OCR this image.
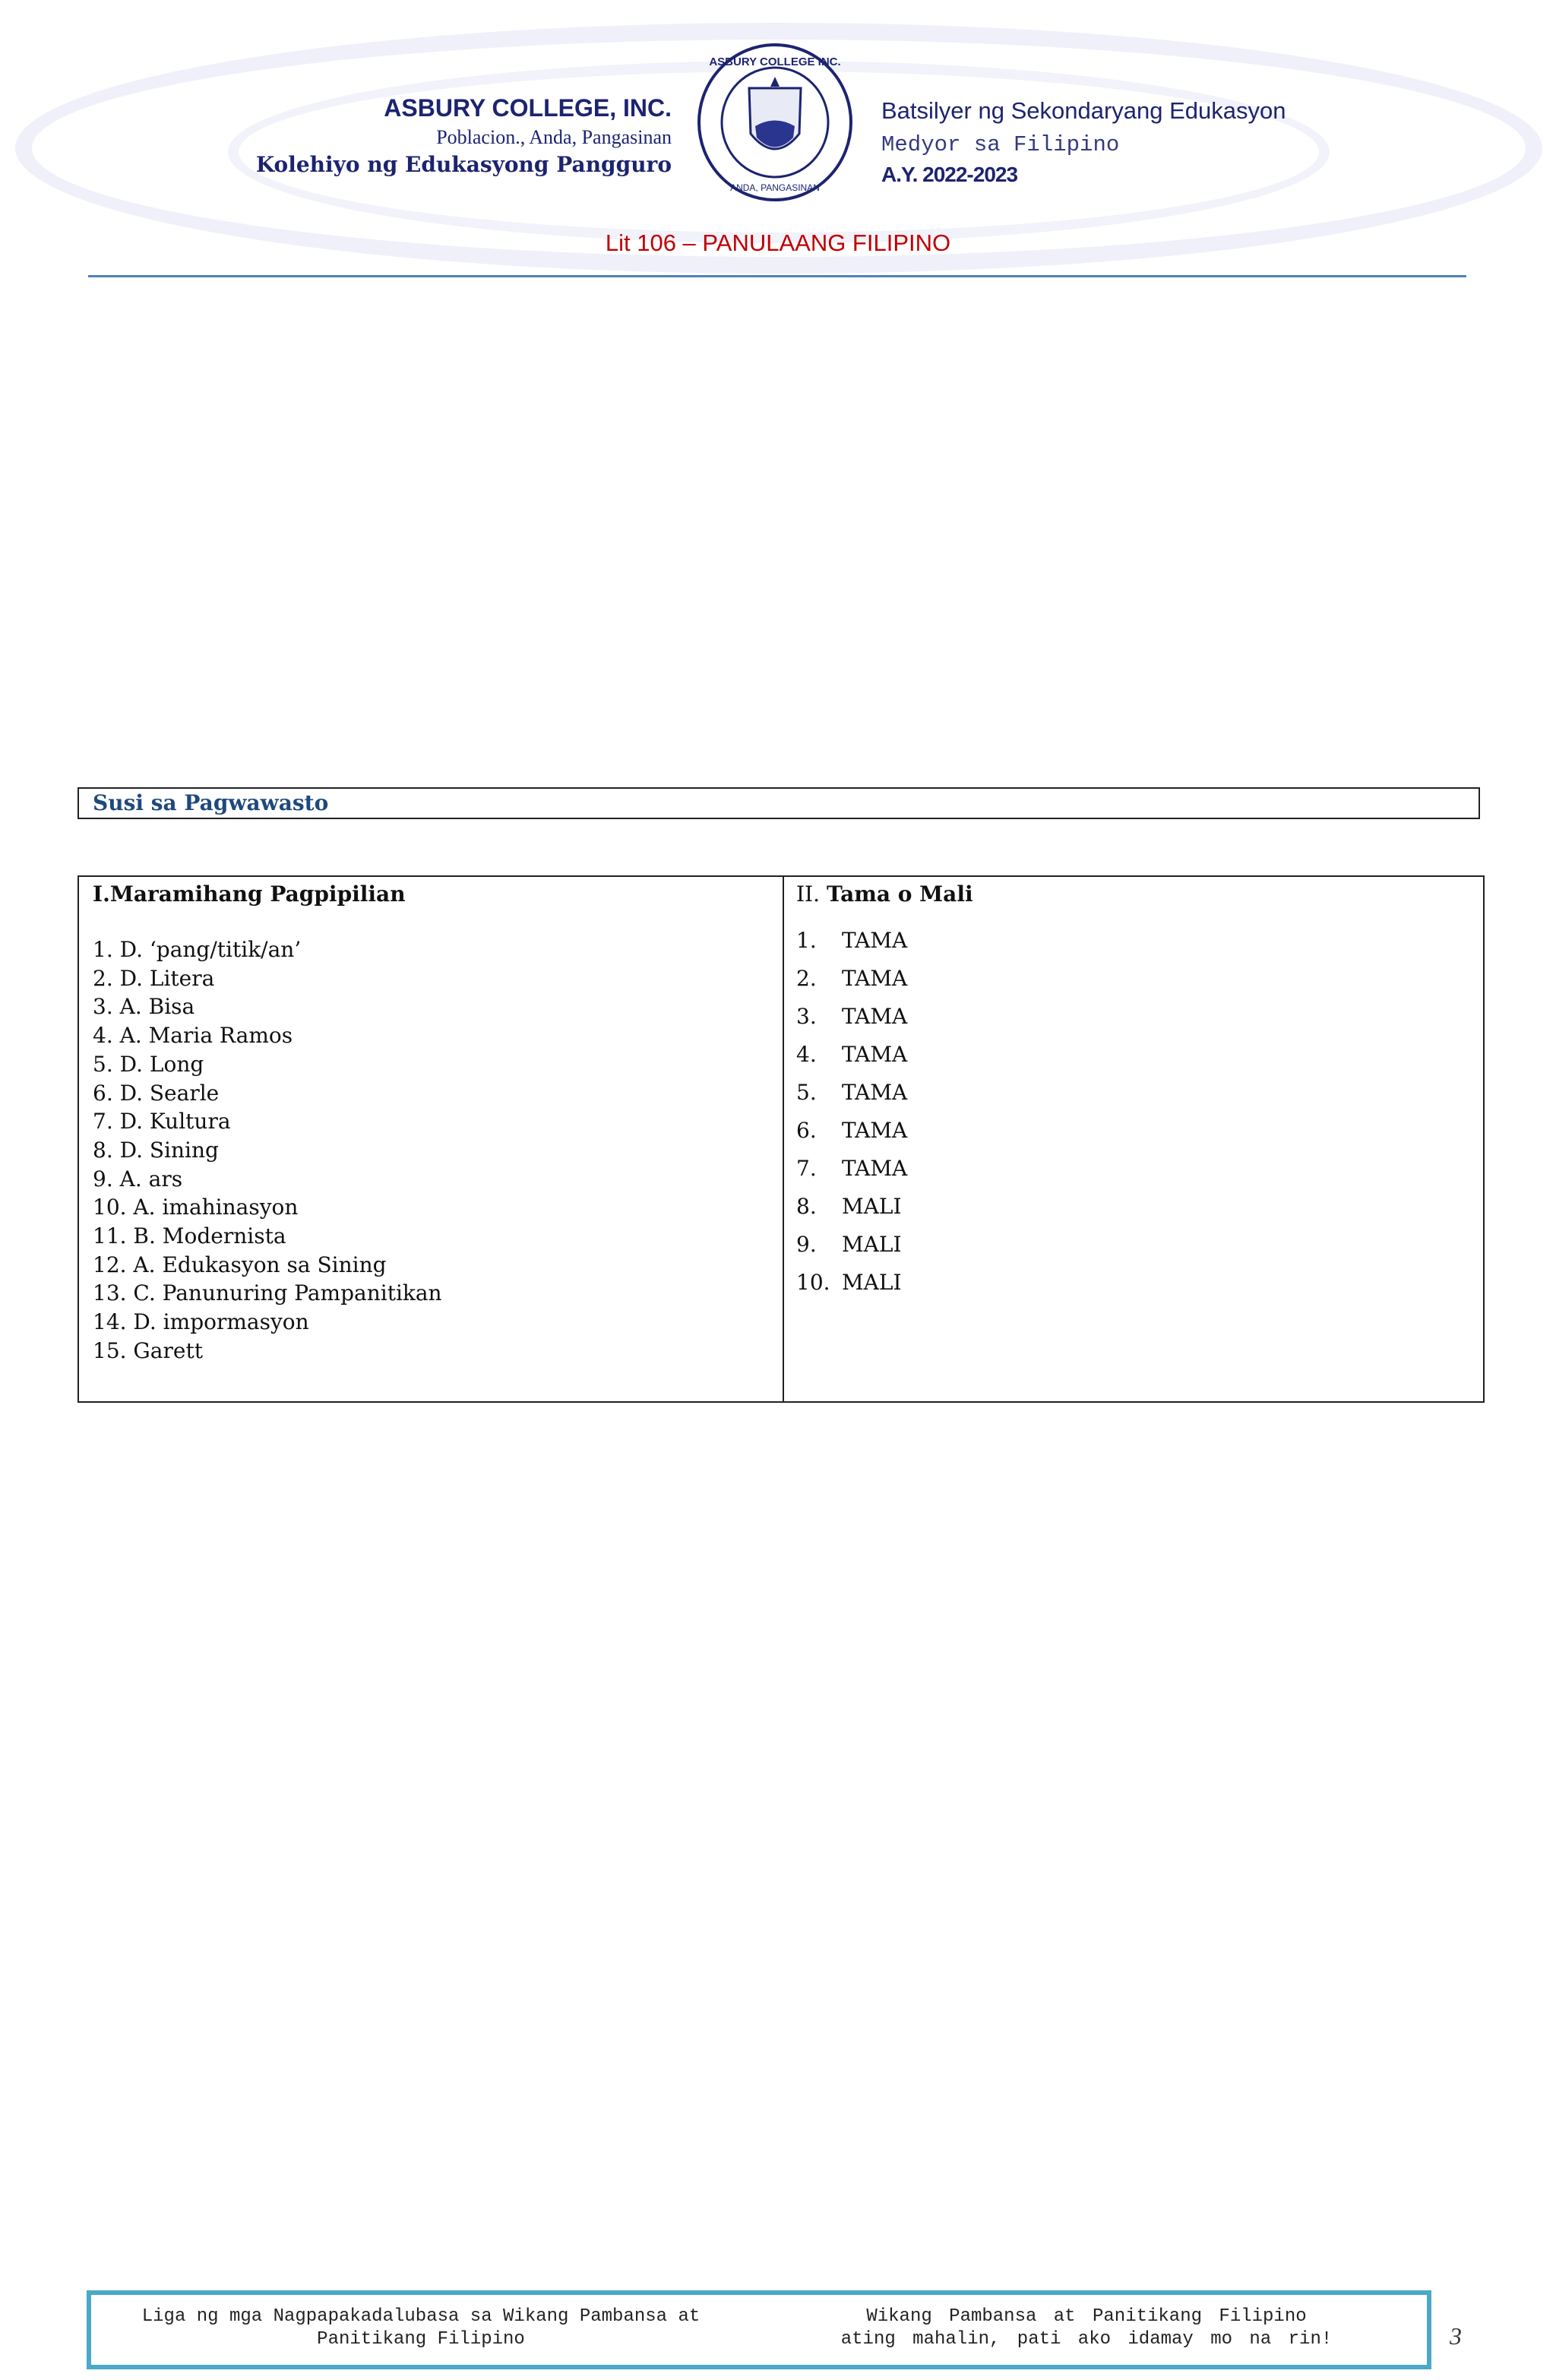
ASBURY COLLEGE, INC.
Poblacion., Anda, Pangasinan
Kolehiyo ng Edukasyong Pangguro
ASBURY COLLEGE INC.
ANDA, PANGASINAN
Batsilyer ng Sekondaryang Edukasyon
Medyor sa Filipino
A.Y. 2022-2023
Lit 106 – PANULAANG FILIPINO
Susi sa Pagwawasto
I.Maramihang Pagpipilian
1. D. ‘pang/titik/an’
2. D. Litera
3. A. Bisa
4. A. Maria Ramos
5. D. Long
6. D. Searle
7. D. Kultura
8. D. Sining
9. A. ars
10. A. imahinasyon
11. B. Modernista
12. A. Edukasyon sa Sining
13. C. Panunuring Pampanitikan
14. D. impormasyon
15. Garett
II. Tama o Mali
1. TAMA
2. TAMA
3. TAMA
4. TAMA
5. TAMA
6. TAMA
7. TAMA
8. MALI
9. MALI
10. MALI
Liga ng mga Nagpapakadalubasa sa Wikang Pambansa at
Panitikang Filipino
Wikang Pambansa at Panitikang Filipino
ating mahalin, pati ako idamay mo na rin!	3
